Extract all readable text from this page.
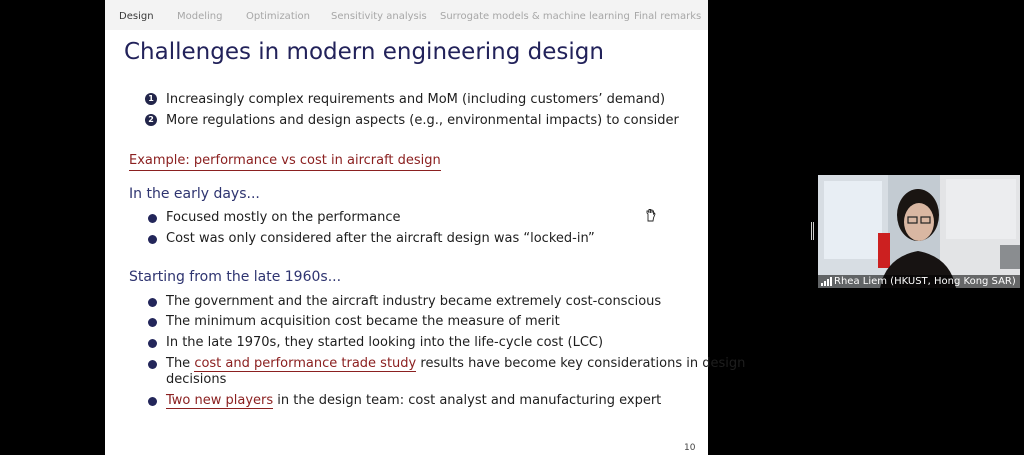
Design Modeling Optimization Sensitivity analysis Surrogate models & machine learning Final remarks
Challenges in modern engineering design
1 Increasingly complex requirements and MoM (including customers’ demand)
2 More regulations and design aspects (e.g., environmental impacts) to consider
Example: performance vs cost in aircraft design
In the early days...
Focused mostly on the performance
Cost was only considered after the aircraft design was “locked-in”
Starting from the late 1960s...
The government and the aircraft industry became extremely cost-conscious
The minimum acquisition cost became the measure of merit
In the late 1970s, they started looking into the life-cycle cost (LCC)
The cost and performance trade study results have become key considerations in design
decisions
Two new players in the design team: cost analyst and manufacturing expert
10
Rhea Liem (HKUST, Hong Kong SAR)
